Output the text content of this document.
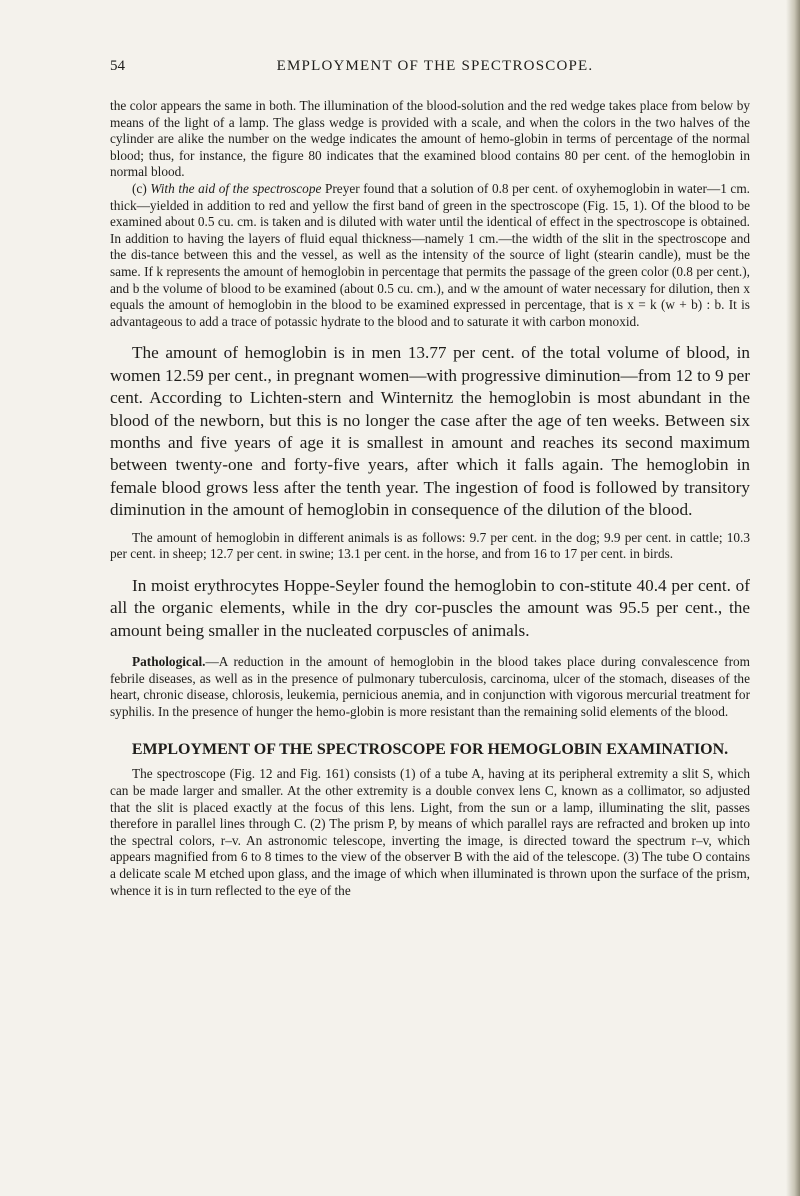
54	EMPLOYMENT OF THE SPECTROSCOPE.

the color appears the same in both. The illumination of the blood-solution and the red wedge takes place from below by means of the light of a lamp. The glass wedge is provided with a scale, and when the colors in the two halves of the cylinder are alike the number on the wedge indicates the amount of hemo-globin in terms of percentage of the normal blood; thus, for instance, the figure 80 indicates that the examined blood contains 80 per cent. of the hemoglobin in normal blood.

(c) With the aid of the spectroscope Preyer found that a solution of 0.8 per cent. of oxyhemoglobin in water—1 cm. thick—yielded in addition to red and yellow the first band of green in the spectroscope (Fig. 15, 1). Of the blood to be examined about 0.5 cu. cm. is taken and is diluted with water until the identical of effect in the spectroscope is obtained. In addition to having the layers of fluid equal thickness—namely 1 cm.—the width of the slit in the spectroscope and the dis-tance between this and the vessel, as well as the intensity of the source of light (stearin candle), must be the same. If k represents the amount of hemoglobin in percentage that permits the passage of the green color (0.8 per cent.), and b the volume of blood to be examined (about 0.5 cu. cm.), and w the amount of water necessary for dilution, then x equals the amount of hemoglobin in the blood to be examined expressed in percentage, that is x = k (w + b) : b. It is advantageous to add a trace of potassic hydrate to the blood and to saturate it with carbon monoxid.

The amount of hemoglobin is in men 13.77 per cent. of the total volume of blood, in women 12.59 per cent., in pregnant women—with progressive diminution—from 12 to 9 per cent. According to Lichten-stern and Winternitz the hemoglobin is most abundant in the blood of the newborn, but this is no longer the case after the age of ten weeks. Between six months and five years of age it is smallest in amount and reaches its second maximum between twenty-one and forty-five years, after which it falls again. The hemoglobin in female blood grows less after the tenth year. The ingestion of food is followed by transitory diminution in the amount of hemoglobin in consequence of the dilution of the blood.

The amount of hemoglobin in different animals is as follows: 9.7 per cent. in the dog; 9.9 per cent. in cattle; 10.3 per cent. in sheep; 12.7 per cent. in swine; 13.1 per cent. in the horse, and from 16 to 17 per cent. in birds.

In moist erythrocytes Hoppe-Seyler found the hemoglobin to con-stitute 40.4 per cent. of all the organic elements, while in the dry cor-puscles the amount was 95.5 per cent., the amount being smaller in the nucleated corpuscles of animals.

Pathological.—A reduction in the amount of hemoglobin in the blood takes place during convalescence from febrile diseases, as well as in the presence of pulmonary tuberculosis, carcinoma, ulcer of the stomach, diseases of the heart, chronic disease, chlorosis, leukemia, pernicious anemia, and in conjunction with vigorous mercurial treatment for syphilis. In the presence of hunger the hemo-globin is more resistant than the remaining solid elements of the blood.

EMPLOYMENT OF THE SPECTROSCOPE FOR HEMOGLOBIN EXAMINATION.

The spectroscope (Fig. 12 and Fig. 161) consists (1) of a tube A, having at its peripheral extremity a slit S, which can be made larger and smaller. At the other extremity is a double convex lens C, known as a collimator, so adjusted that the slit is placed exactly at the focus of this lens. Light, from the sun or a lamp, illuminating the slit, passes therefore in parallel lines through C. (2) The prism P, by means of which parallel rays are refracted and broken up into the spectral colors, r–v. An astronomic telescope, inverting the image, is directed toward the spectrum r–v, which appears magnified from 6 to 8 times to the view of the observer B with the aid of the telescope. (3) The tube O contains a delicate scale M etched upon glass, and the image of which when illuminated is thrown upon the surface of the prism, whence it is in turn reflected to the eye of the
